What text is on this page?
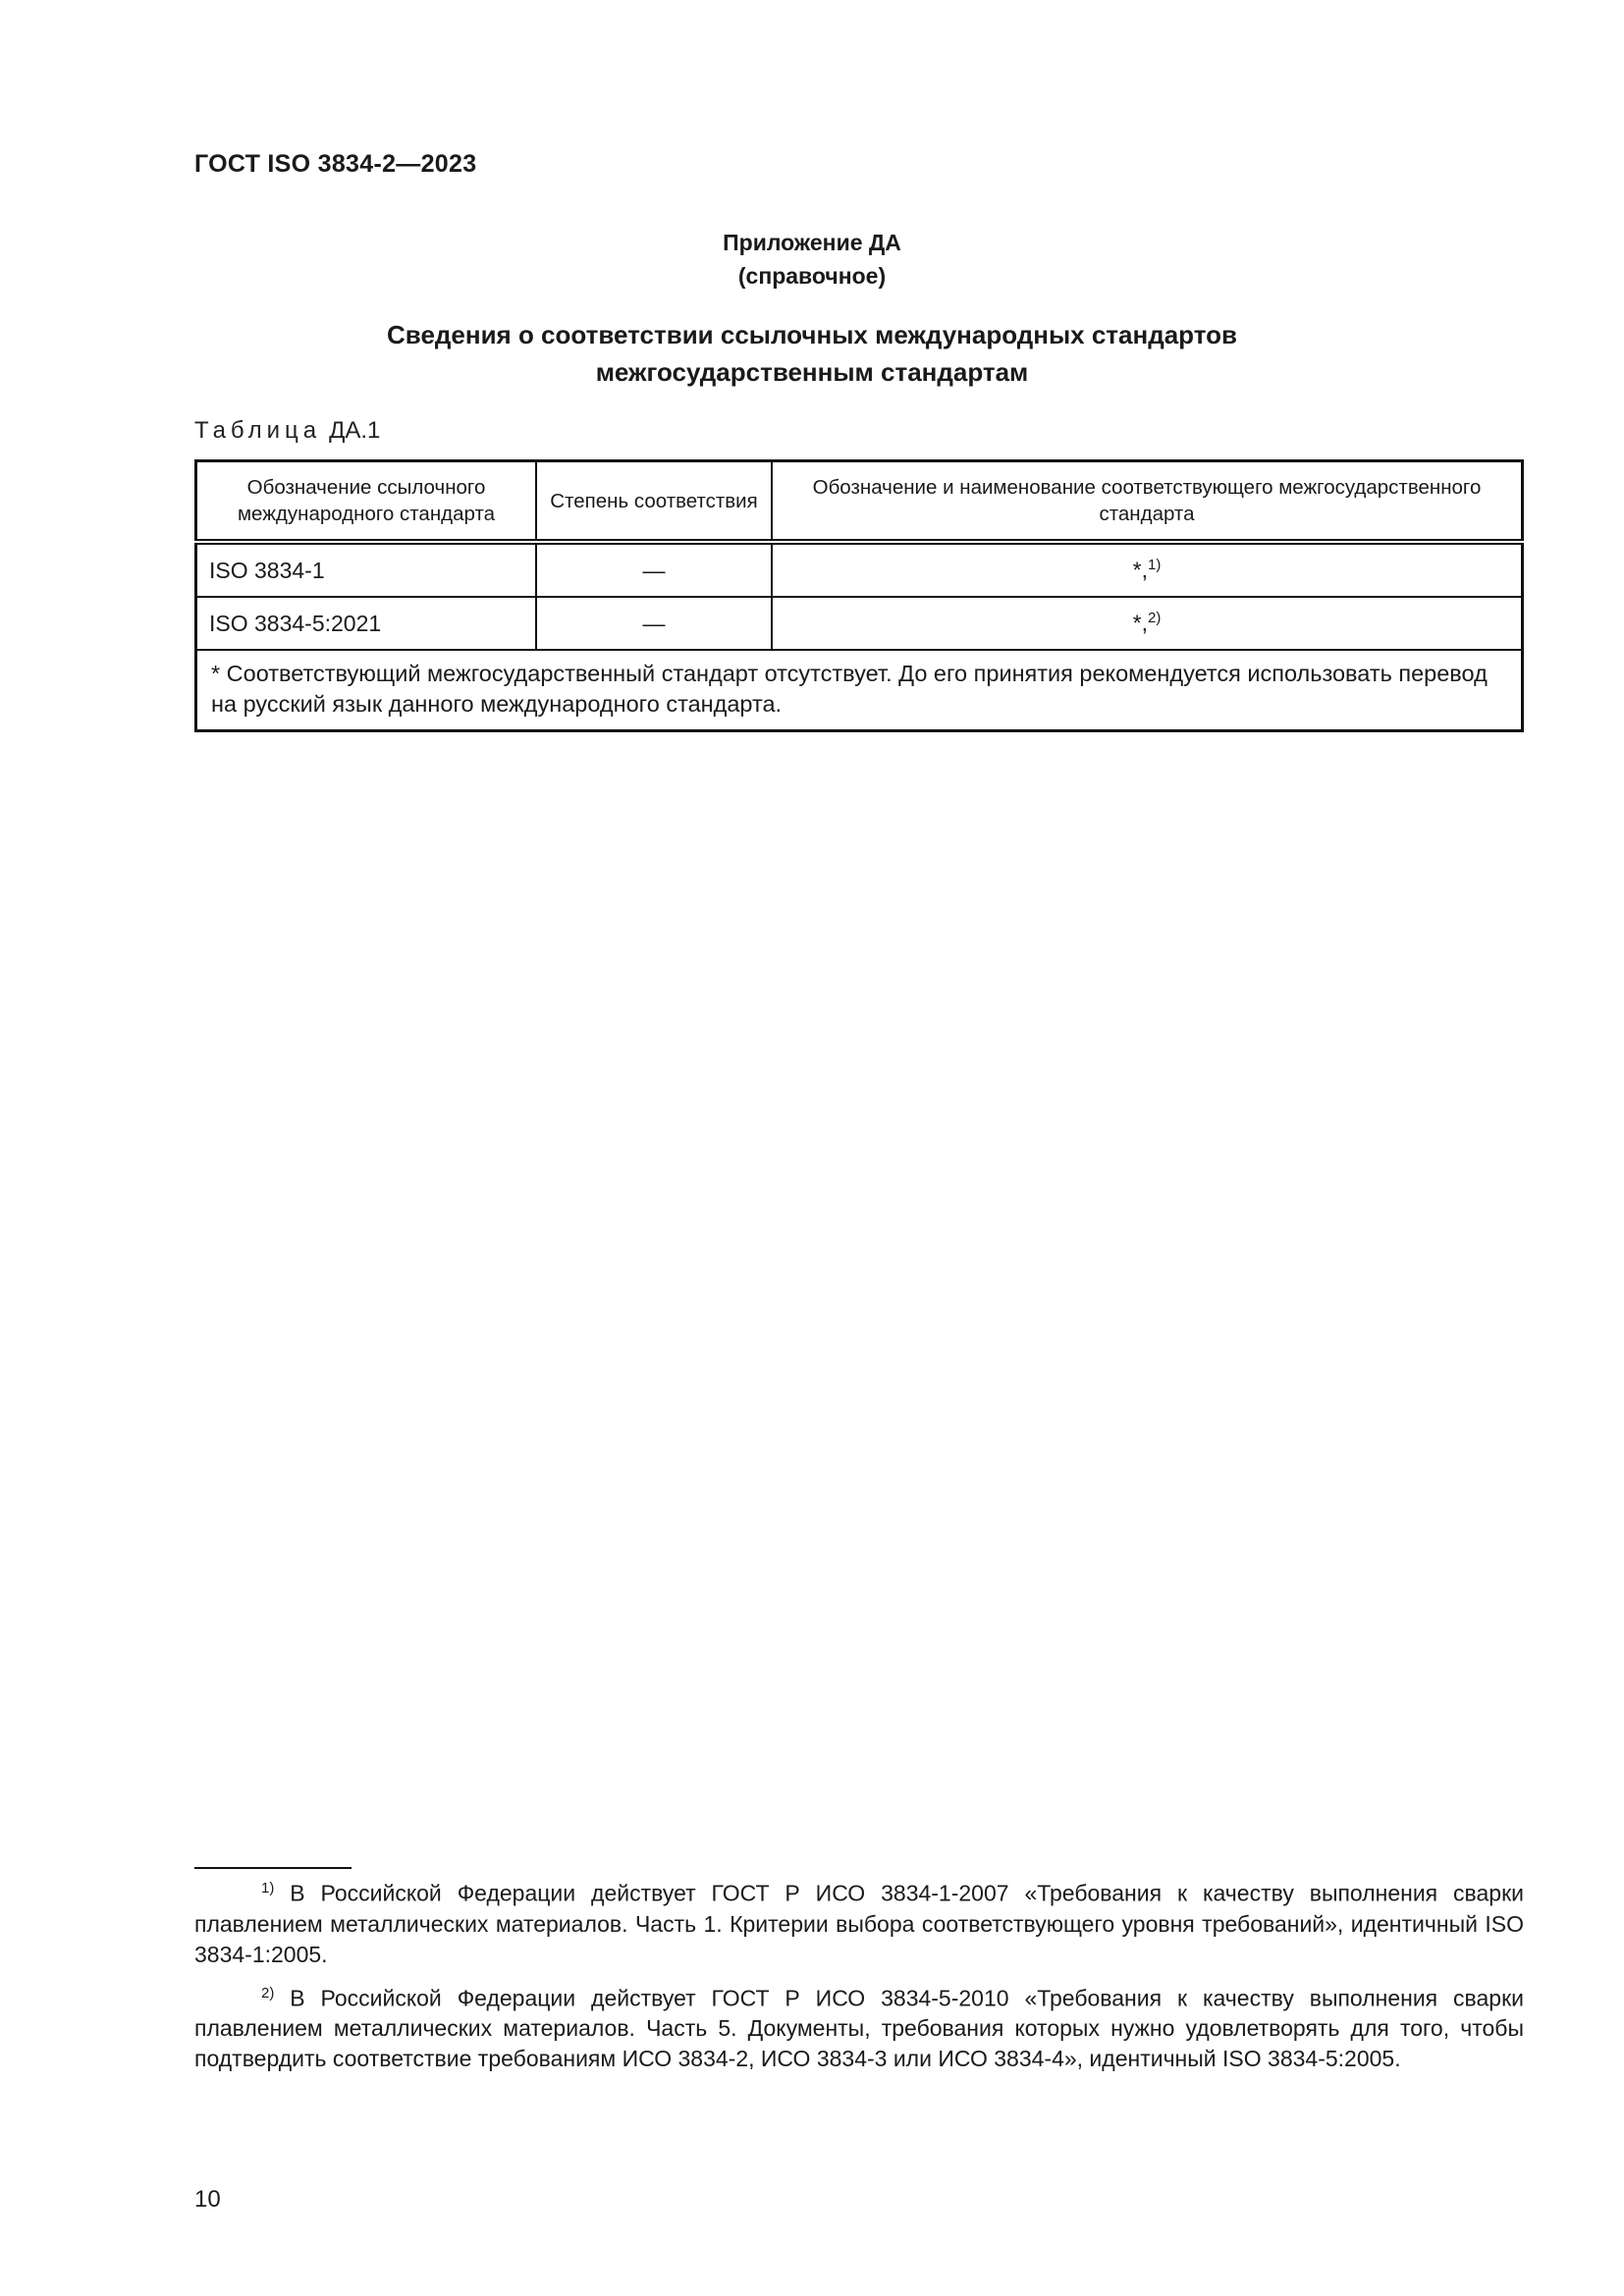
ГОСТ ISO 3834-2—2023
Приложение ДА
(справочное)
Сведения о соответствии ссылочных международных стандартов
межгосударственным стандартам
Таблица ДА.1
Обозначение ссылочного международного стандарта	Степень соответствия	Обозначение и наименование соответствующего межгосударственного стандарта
ISO 3834-1	—	*,$^{1)}$
ISO 3834-5:2021	—	*,$^{2)}$
* Соответствующий межгосударственный стандарт отсутствует. До его принятия рекомендуется использовать перевод на русский язык данного международного стандарта.		

$^{1)}$ В Российской Федерации действует ГОСТ Р ИСО 3834-1-2007 «Требования к качеству выполнения сварки плавлением металлических материалов. Часть 1. Критерии выбора соответствующего уровня требований», идентичный ISO 3834-1:2005.

$^{2)}$ В Российской Федерации действует ГОСТ Р ИСО 3834-5-2010 «Требования к качеству выполнения сварки плавлением металлических материалов. Часть 5. Документы, требования которых нужно удовлетворять для того, чтобы подтвердить соответствие требованиям ИСО 3834-2, ИСО 3834-3 или ИСО 3834-4», идентичный ISO 3834-5:2005.

10
